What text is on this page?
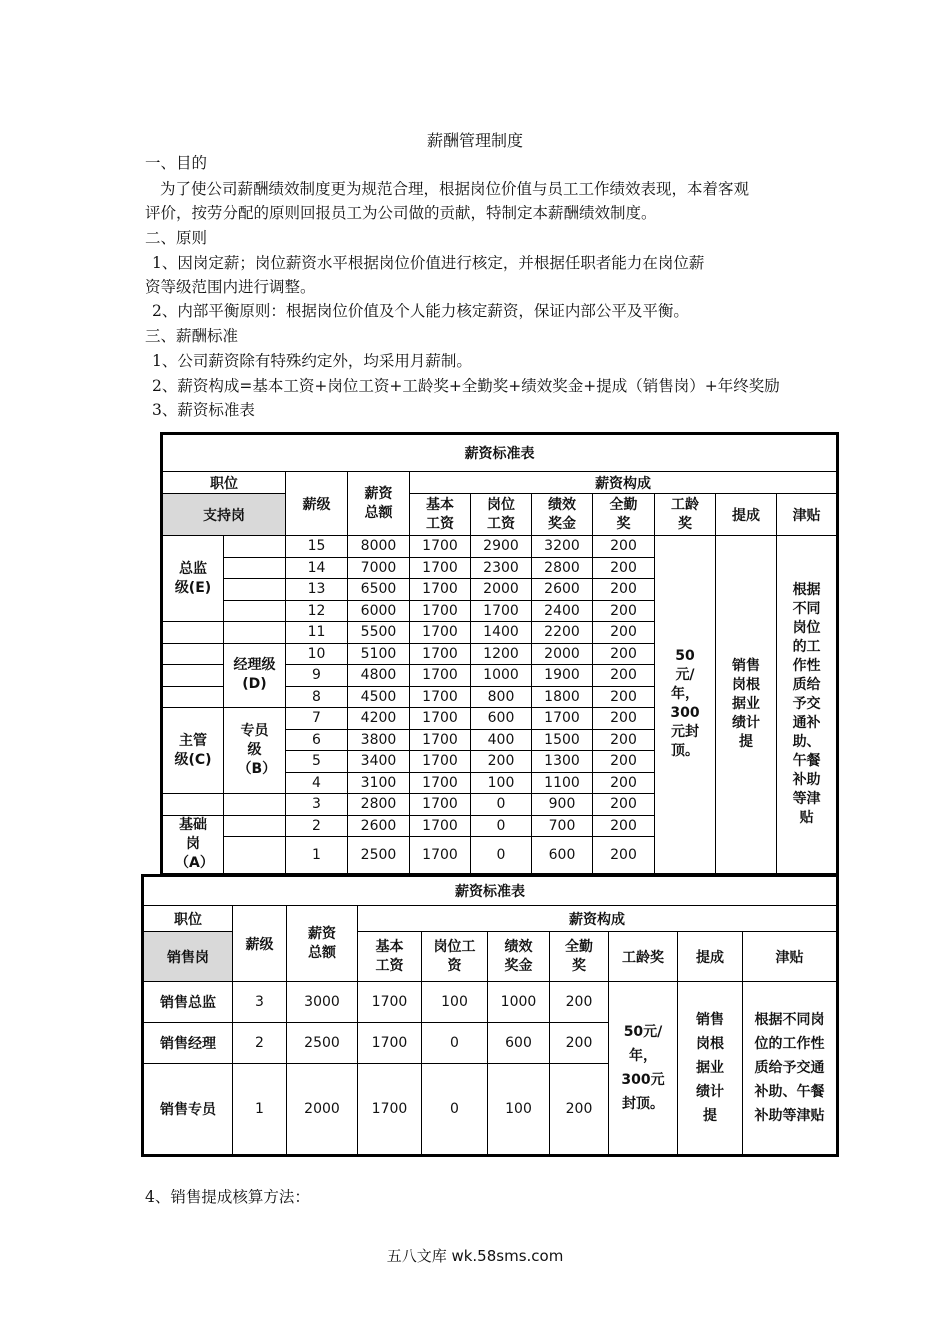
薪酬管理制度
一、目的
为了使公司薪酬绩效制度更为规范合理，根据岗位价值与员工工作绩效表现，本着客观
评价，按劳分配的原则回报员工为公司做的贡献，特制定本薪酬绩效制度。
二、原则
1、因岗定薪；岗位薪资水平根据岗位价值进行核定，并根据任职者能力在岗位薪
资等级范围内进行调整。
2、内部平衡原则：根据岗位价值及个人能力核定薪资，保证内部公平及平衡。
三、薪酬标准
1、公司薪资除有特殊约定外，均采用月薪制。
2、薪资构成=基本工资+岗位工资+工龄奖+全勤奖+绩效奖金+提成（销售岗）+年终奖励
3、薪资标准表
薪资标准表										
职位		薪级	薪资总额	薪资构成						
支持岗				基本工资	岗位工资	绩效奖金	全勤奖	工龄奖	提成	津贴

总监级(E)		15	8000	1700	2900	3200	200	50元/年，300元封顶。	销售岗根据业绩计提	根据不同岗位的工作性质给予交通补助、午餐补助等津贴

		14	7000	1700	2300	2800	200			
		13	6500	1700	2000	2600	200			
		12	6000	1700	1700	2400	200			
		11	5500	1700	1400	2200	200			

	经理级(D)	10	5100	1700	1200	2000	200			
		9	4800	1700	1000	1900	200			
		8	4500	1700	800	1800	200			

主管级(C)	专员级（B）	7	4200	1700	600	1700	200			
		6	3800	1700	400	1500	200			
		5	3400	1700	200	1300	200			
		4	3100	1700	100	1100	200			
		3	2800	1700	0	900	200			

基础岗（A）		2	2600	1700	0	700	200			
		1	2500	1700	0	600	200			
薪资标准表									
职位	薪级	薪资总额	薪资构成						
销售岗			基本工资	岗位工资	绩效奖金	全勤奖	工龄奖	提成	津贴
销售总监	3	3000	1700	100	1000	200	50元/年，300元封顶。	销售岗根据业绩计提	根据不同岗位的工作性质给予交通补助、午餐补助等津贴

销售经理	2	2500	1700	0	600	200			
销售专员	1	2000	1700	0	100	200			
4、销售提成核算方法：
五八文库 wk.58sms.com
